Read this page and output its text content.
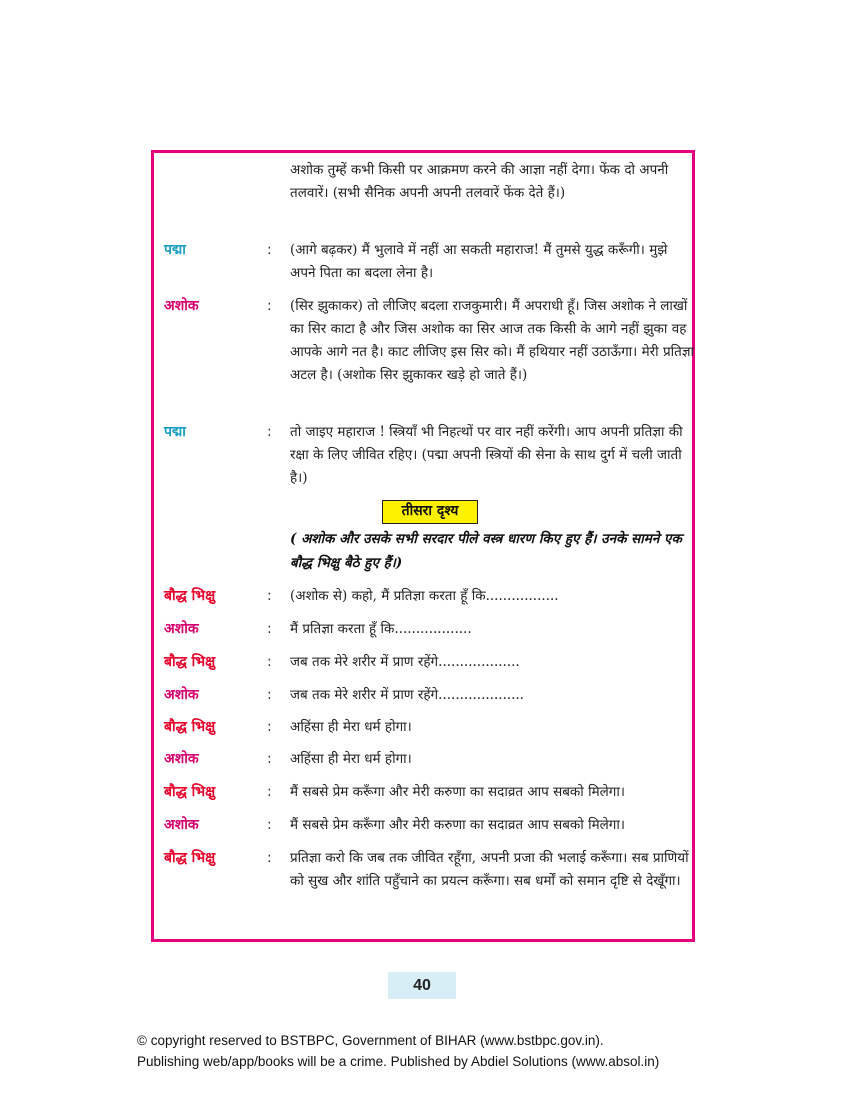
अशोक तुम्हें कभी किसी पर आक्रमण करने की आज्ञा नहीं देगा। फेंक दो अपनी तलवारें। (सभी सैनिक अपनी अपनी तलवारें फेंक देते हैं।)
पद्मा	: (आगे बढ़कर) मैं भुलावे में नहीं आ सकती महाराज! मैं तुमसे युद्ध करूँगी। मुझे अपने पिता का बदला लेना है।
अशोक	: (सिर झुकाकर) तो लीजिए बदला राजकुमारी। मैं अपराधी हूँ। जिस अशोक ने लाखों का सिर काटा है और जिस अशोक का सिर आज तक किसी के आगे नहीं झुका वह आपके आगे नत है। काट लीजिए इस सिर को। मैं हथियार नहीं उठाऊँगा। मेरी प्रतिज्ञा अटल है। (अशोक सिर झुकाकर खड़े हो जाते हैं।)
पद्मा	: तो जाइए महाराज ! स्त्रियाँ भी निहत्थों पर वार नहीं करेंगी। आप अपनी प्रतिज्ञा की रक्षा के लिए जीवित रहिए। (पद्मा अपनी स्त्रियों की सेना के साथ दुर्ग में चली जाती है।)
तीसरा दृश्य
( अशोक और उसके सभी सरदार पीले वस्त्र धारण किए हुए हैं। उनके सामने एक बौद्ध भिक्षु बैठे हुए हैं।)
बौद्ध भिक्षु	: (अशोक से) कहो, मैं प्रतिज्ञा करता हूँ कि.................
अशोक	: मैं प्रतिज्ञा करता हूँ कि..................
बौद्ध भिक्षु	: जब तक मेरे शरीर में प्राण रहेंगे...................
अशोक	: जब तक मेरे शरीर में प्राण रहेंगे....................
बौद्ध भिक्षु	: अहिंसा ही मेरा धर्म होगा।
अशोक	: अहिंसा ही मेरा धर्म होगा।
बौद्ध भिक्षु	: मैं सबसे प्रेम करूँगा और मेरी करुणा का सदाव्रत आप सबको मिलेगा।
अशोक	: मैं सबसे प्रेम करूँगा और मेरी करुणा का सदाव्रत आप सबको मिलेगा।
बौद्ध भिक्षु	: प्रतिज्ञा करो कि जब तक जीवित रहूँगा, अपनी प्रजा की भलाई करूँगा। सब प्राणियों को सुख और शांति पहुँचाने का प्रयत्न करूँगा। सब धर्मों को समान दृष्टि से देखूँगा।
40
© copyright reserved to BSTBPC, Government of BIHAR (www.bstbpc.gov.in).
Publishing web/app/books will be a crime. Published by Abdiel Solutions (www.absol.in)
